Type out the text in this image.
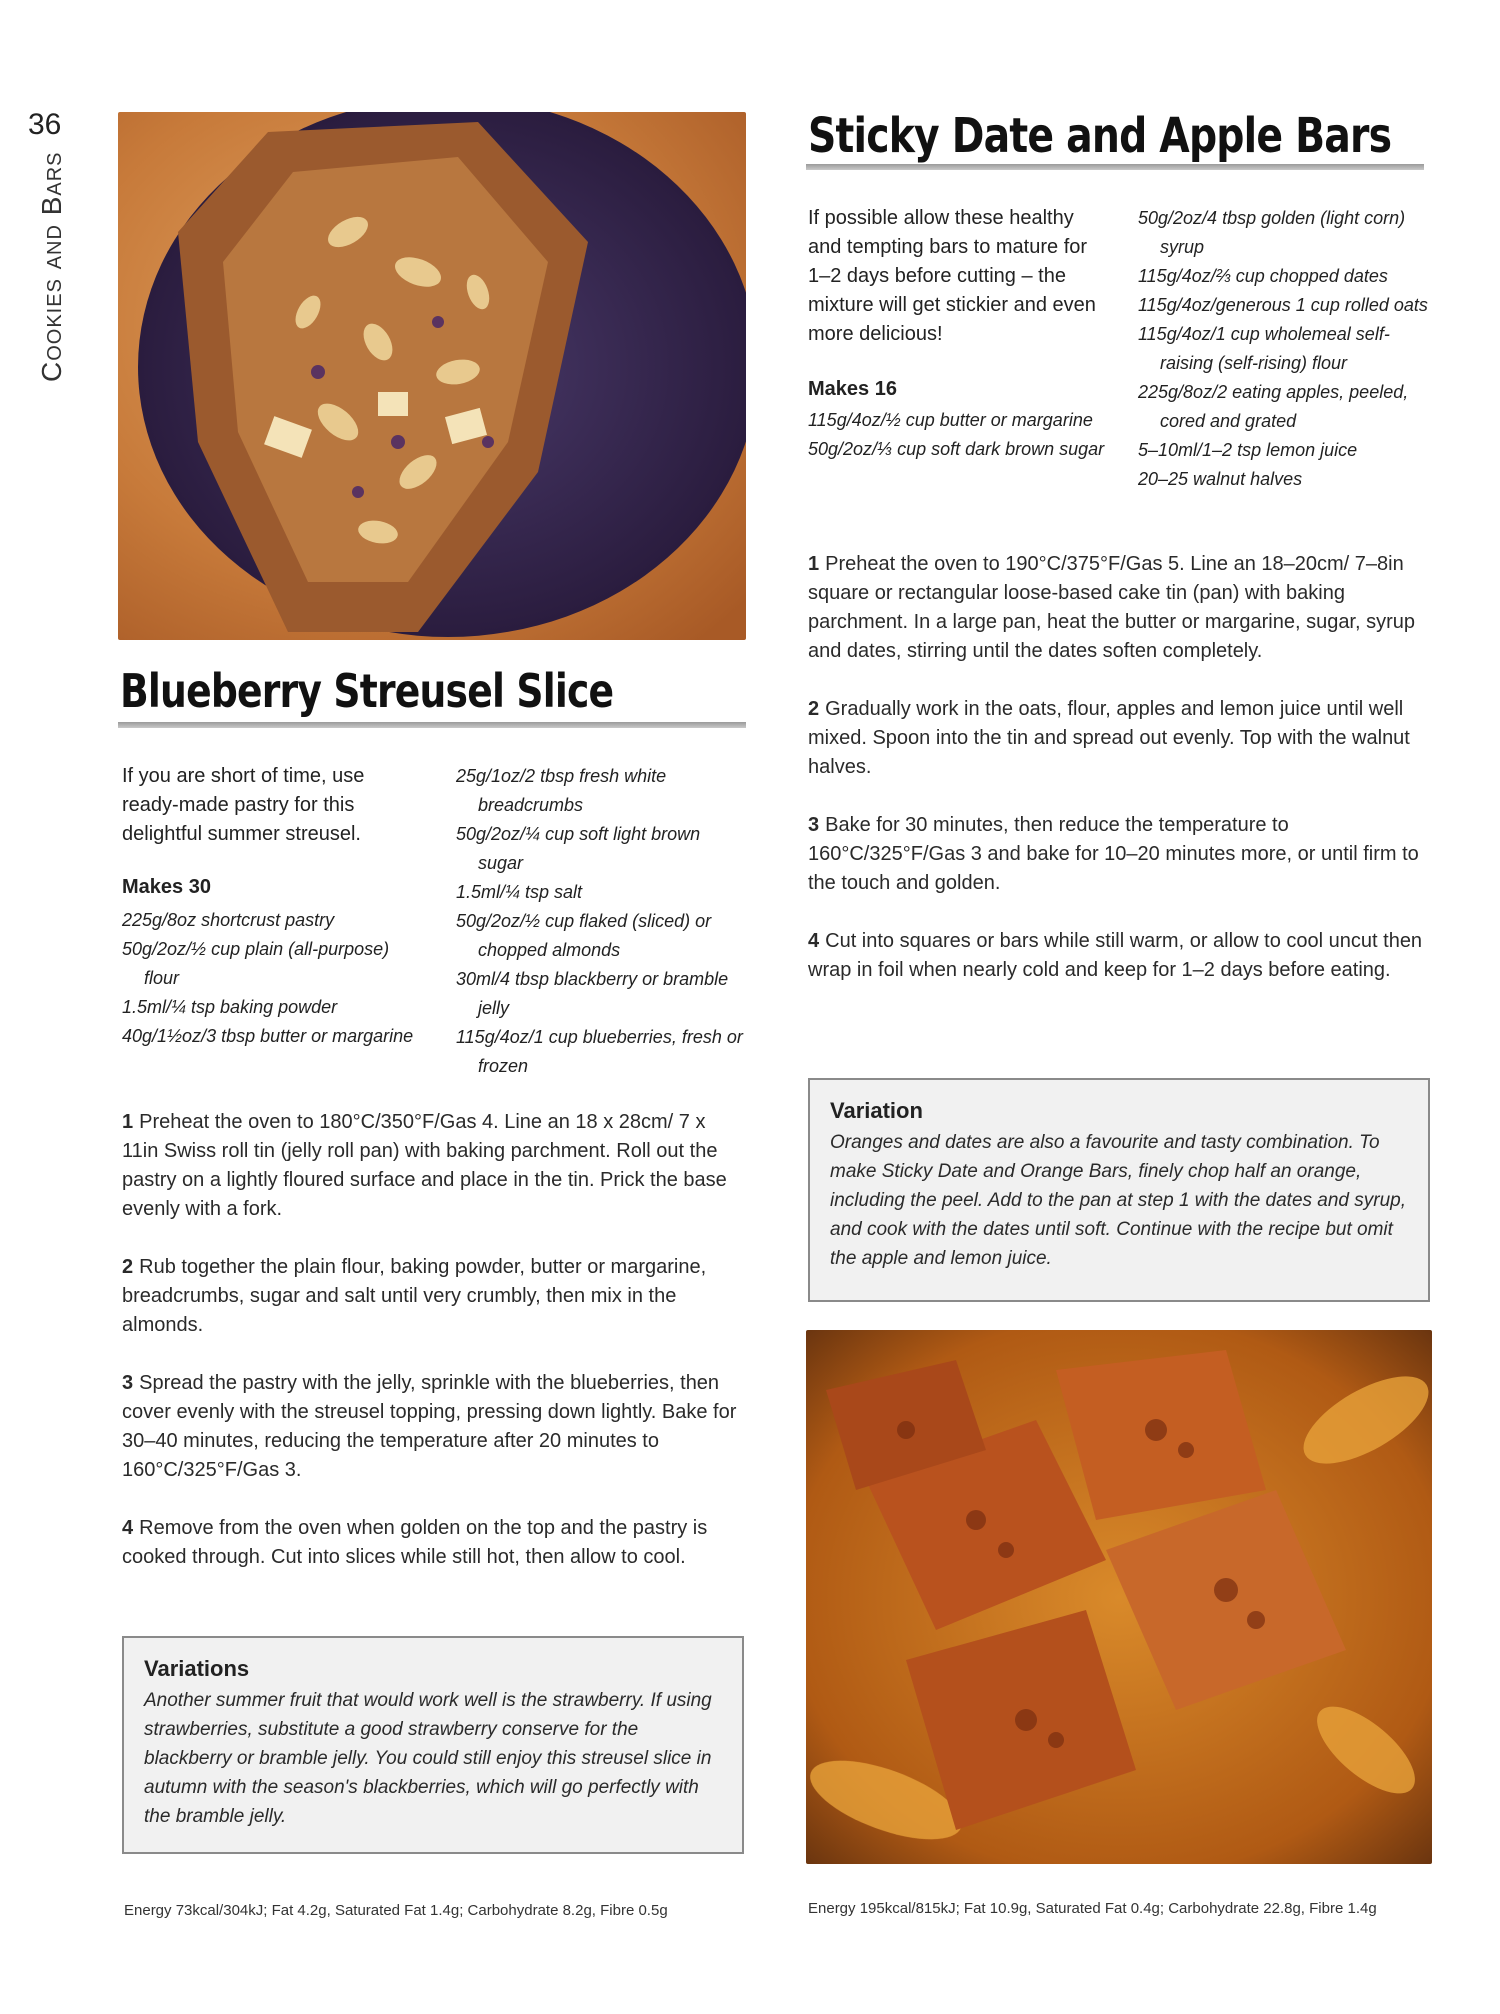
36
Cookies and Bars
Blueberry Streusel Slice
If you are short of time, use ready-made pastry for this delightful summer streusel.
Makes 30
225g/8oz shortcrust pastry
50g/2oz/½ cup plain (all-purpose) flour
1.5ml/¼ tsp baking powder
40g/1½oz/3 tbsp butter or margarine
25g/1oz/2 tbsp fresh white breadcrumbs
50g/2oz/¼ cup soft light brown sugar
1.5ml/¼ tsp salt
50g/2oz/½ cup flaked (sliced) or chopped almonds
30ml/4 tbsp blackberry or bramble jelly
115g/4oz/1 cup blueberries, fresh or frozen

1 Preheat the oven to 180°C/350°F/Gas 4. Line an 18 x 28cm/ 7 x 11in Swiss roll tin (jelly roll pan) with baking parchment. Roll out the pastry on a lightly floured surface and place in the tin. Prick the base evenly with a fork.

2 Rub together the plain flour, baking powder, butter or margarine, breadcrumbs, sugar and salt until very crumbly, then mix in the almonds.

3 Spread the pastry with the jelly, sprinkle with the blueberries, then cover evenly with the streusel topping, pressing down lightly. Bake for 30–40 minutes, reducing the temperature after 20 minutes to 160°C/325°F/Gas 3.

4 Remove from the oven when golden on the top and the pastry is cooked through. Cut into slices while still hot, then allow to cool.

Variations

Another summer fruit that would work well is the strawberry. If using strawberries, substitute a good strawberry conserve for the blackberry or bramble jelly. You could still enjoy this streusel slice in autumn with the season's blackberries, which will go perfectly with the bramble jelly.

Energy 73kcal/304kJ; Fat 4.2g, Saturated Fat 1.4g; Carbohydrate 8.2g, Fibre 0.5g
Sticky Date and Apple Bars
If possible allow these healthy and tempting bars to mature for 1–2 days before cutting – the mixture will get stickier and even more delicious!
Makes 16
115g/4oz/½ cup butter or margarine
50g/2oz/⅓ cup soft dark brown sugar
50g/2oz/4 tbsp golden (light corn) syrup
115g/4oz/⅔ cup chopped dates
115g/4oz/generous 1 cup rolled oats
115g/4oz/1 cup wholemeal self-raising (self-rising) flour
225g/8oz/2 eating apples, peeled, cored and grated
5–10ml/1–2 tsp lemon juice
20–25 walnut halves

1 Preheat the oven to 190°C/375°F/Gas 5. Line an 18–20cm/ 7–8in square or rectangular loose-based cake tin (pan) with baking parchment. In a large pan, heat the butter or margarine, sugar, syrup and dates, stirring until the dates soften completely.

2 Gradually work in the oats, flour, apples and lemon juice until well mixed. Spoon into the tin and spread out evenly. Top with the walnut halves.

3 Bake for 30 minutes, then reduce the temperature to 160°C/325°F/Gas 3 and bake for 10–20 minutes more, or until firm to the touch and golden.

4 Cut into squares or bars while still warm, or allow to cool uncut then wrap in foil when nearly cold and keep for 1–2 days before eating.

Variation

Oranges and dates are also a favourite and tasty combination. To make Sticky Date and Orange Bars, finely chop half an orange, including the peel. Add to the pan at step 1 with the dates and syrup, and cook with the dates until soft. Continue with the recipe but omit the apple and lemon juice.

Energy 195kcal/815kJ; Fat 10.9g, Saturated Fat 0.4g; Carbohydrate 22.8g, Fibre 1.4g
